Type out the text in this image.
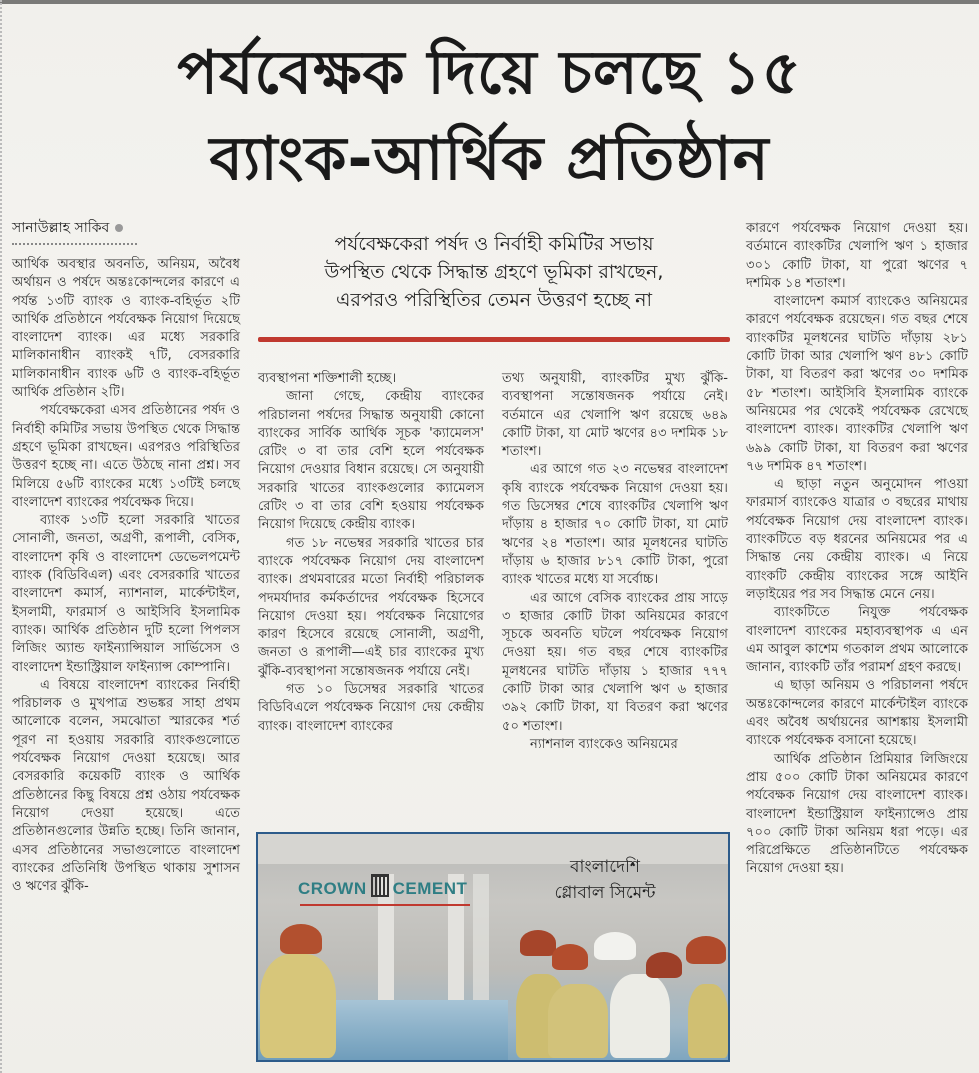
পর্যবেক্ষক দিয়ে চলছে ১৫
ব্যাংক-আর্থিক প্রতিষ্ঠান
সানাউল্লাহ সাকিব

আর্থিক অবস্থার অবনতি, অনিয়ম, অবৈধ অর্থায়ন ও পর্ষদে অন্তঃকোন্দলের কারণে এ পর্যন্ত ১৩টি ব্যাংক ও ব্যাংক-বহির্ভূত ২টি আর্থিক প্রতিষ্ঠানে পর্যবেক্ষক নিয়োগ দিয়েছে বাংলাদেশ ব্যাংক। এর মধ্যে সরকারি মালিকানাধীন ব্যাংকই ৭টি, বেসরকারি মালিকানাধীন ব্যাংক ৬টি ও ব্যাংক-বহির্ভূত আর্থিক প্রতিষ্ঠান ২টি।

পর্যবেক্ষকেরা এসব প্রতিষ্ঠানের পর্ষদ ও নির্বাহী কমিটির সভায় উপস্থিত থেকে সিদ্ধান্ত গ্রহণে ভূমিকা রাখছেন। এরপরও পরিস্থিতির উত্তরণ হচ্ছে না। এতে উঠছে নানা প্রশ্ন। সব মিলিয়ে ৫৬টি ব্যাংকের মধ্যে ১৩টিই চলছে বাংলাদেশ ব্যাংকের পর্যবেক্ষক দিয়ে।

ব্যাংক ১৩টি হলো সরকারি খাতের সোনালী, জনতা, অগ্রণী, রূপালী, বেসিক, বাংলাদেশ কৃষি ও বাংলাদেশ ডেভেলপমেন্ট ব্যাংক (বিডিবিএল) এবং বেসরকারি খাতের বাংলাদেশ কমার্স, ন্যাশনাল, মার্কেন্টাইল, ইসলামী, ফারমার্স ও আইসিবি ইসলামিক ব্যাংক। আর্থিক প্রতিষ্ঠান দুটি হলো পিপলস লিজিং অ্যান্ড ফাইন্যান্সিয়াল সার্ভিসেস ও বাংলাদেশ ইন্ডাস্ট্রিয়াল ফাইন্যান্স কোম্পানি।

এ বিষয়ে বাংলাদেশ ব্যাংকের নির্বাহী পরিচালক ও মুখপাত্র শুভঙ্কর সাহা প্রথম আলোকে বলেন, সমঝোতা স্মারকের শর্ত পূরণ না হওয়ায় সরকারি ব্যাংকগুলোতে পর্যবেক্ষক নিয়োগ দেওয়া হয়েছে। আর বেসরকারি কয়েকটি ব্যাংক ও আর্থিক প্রতিষ্ঠানের কিছু বিষয়ে প্রশ্ন ওঠায় পর্যবেক্ষক নিয়োগ দেওয়া হয়েছে। এতে প্রতিষ্ঠানগুলোর উন্নতি হচ্ছে। তিনি জানান, এসব প্রতিষ্ঠানের সভাগুলোতে বাংলাদেশ ব্যাংকের প্রতিনিধি উপস্থিত থাকায় সুশাসন ও ঋণের ঝুঁকি-

পর্যবেক্ষকেরা পর্ষদ ও নির্বাহী কমিটির সভায়
উপস্থিত থেকে সিদ্ধান্ত গ্রহণে ভূমিকা রাখছেন,
এরপরও পরিস্থিতির তেমন উত্তরণ হচ্ছে না

ব্যবস্থাপনা শক্তিশালী হচ্ছে।

জানা গেছে, কেন্দ্রীয় ব্যাংকের পরিচালনা পর্ষদের সিদ্ধান্ত অনুযায়ী কোনো ব্যাংকের সার্বিক আর্থিক সূচক 'ক্যামেলস' রেটিং ৩ বা তার বেশি হলে পর্যবেক্ষক নিয়োগ দেওয়ার বিধান রয়েছে। সে অনুযায়ী সরকারি খাতের ব্যাংকগুলোর ক্যামেলস রেটিং ৩ বা তার বেশি হওয়ায় পর্যবেক্ষক নিয়োগ দিয়েছে কেন্দ্রীয় ব্যাংক।

গত ১৮ নভেম্বর সরকারি খাতের চার ব্যাংকে পর্যবেক্ষক নিয়োগ দেয় বাংলাদেশ ব্যাংক। প্রথমবারের মতো নির্বাহী পরিচালক পদমর্যাদার কর্মকর্তাদের পর্যবেক্ষক হিসেবে নিয়োগ দেওয়া হয়। পর্যবেক্ষক নিয়োগের কারণ হিসেবে রয়েছে সোনালী, অগ্রণী, জনতা ও রূপালী—এই চার ব্যাংকের মুখ্য ঝুঁকি-ব্যবস্থাপনা সন্তোষজনক পর্যায়ে নেই।

গত ১০ ডিসেম্বর সরকারি খাতের বিডিবিএলে পর্যবেক্ষক নিয়োগ দেয় কেন্দ্রীয় ব্যাংক। বাংলাদেশ ব্যাংকের

তথ্য অনুযায়ী, ব্যাংকটির মুখ্য ঝুঁকি-ব্যবস্থাপনা সন্তোষজনক পর্যায়ে নেই। বর্তমানে এর খেলাপি ঋণ রয়েছে ৬৪৯ কোটি টাকা, যা মোট ঋণের ৪৩ দশমিক ১৮ শতাংশ।

এর আগে গত ২৩ নভেম্বর বাংলাদেশ কৃষি ব্যাংকে পর্যবেক্ষক নিয়োগ দেওয়া হয়। গত ডিসেম্বর শেষে ব্যাংকটির খেলাপি ঋণ দাঁড়ায় ৪ হাজার ৭০ কোটি টাকা, যা মোট ঋণের ২৪ শতাংশ। আর মূলধনের ঘাটতি দাঁড়ায় ৬ হাজার ৮১৭ কোটি টাকা, পুরো ব্যাংক খাতের মধ্যে যা সর্বোচ্চ।

এর আগে বেসিক ব্যাংকের প্রায় সাড়ে ৩ হাজার কোটি টাকা অনিয়মের কারণে সূচকে অবনতি ঘটলে পর্যবেক্ষক নিয়োগ দেওয়া হয়। গত বছর শেষে ব্যাংকটির মূলধনের ঘাটতি দাঁড়ায় ১ হাজার ৭৭৭ কোটি টাকা আর খেলাপি ঋণ ৬ হাজার ৩৯২ কোটি টাকা, যা বিতরণ করা ঋণের ৫০ শতাংশ।

ন্যাশনাল ব্যাংকেও অনিয়মের

কারণে পর্যবেক্ষক নিয়োগ দেওয়া হয়। বর্তমানে ব্যাংকটির খেলাপি ঋণ ১ হাজার ৩০১ কোটি টাকা, যা পুরো ঋণের ৭ দশমিক ১৪ শতাংশ।

বাংলাদেশ কমার্স ব্যাংকেও অনিয়মের কারণে পর্যবেক্ষক রয়েছেন। গত বছর শেষে ব্যাংকটির মূলধনের ঘাটতি দাঁড়ায় ২৮১ কোটি টাকা আর খেলাপি ঋণ ৪৮১ কোটি টাকা, যা বিতরণ করা ঋণের ৩০ দশমিক ৫৮ শতাংশ। আইসিবি ইসলামিক ব্যাংকে অনিয়মের পর থেকেই পর্যবেক্ষক রেখেছে বাংলাদেশ ব্যাংক। ব্যাংকটির খেলাপি ঋণ ৬৯৯ কোটি টাকা, যা বিতরণ করা ঋণের ৭৬ দশমিক ৪৭ শতাংশ।

এ ছাড়া নতুন অনুমোদন পাওয়া ফারমার্স ব্যাংকেও যাত্রার ৩ বছরের মাথায় পর্যবেক্ষক নিয়োগ দেয় বাংলাদেশ ব্যাংক। ব্যাংকটিতে বড় ধরনের অনিয়মের পর এ সিদ্ধান্ত নেয় কেন্দ্রীয় ব্যাংক। এ নিয়ে ব্যাংকটি কেন্দ্রীয় ব্যাংকের সঙ্গে আইনি লড়াইয়ের পর সব সিদ্ধান্ত মেনে নেয়।

ব্যাংকটিতে নিযুক্ত পর্যবেক্ষক বাংলাদেশ ব্যাংকের মহাব্যবস্থাপক এ এন এম আবুল কাশেম গতকাল প্রথম আলোকে জানান, ব্যাংকটি তাঁর পরামর্শ গ্রহণ করছে।

এ ছাড়া অনিয়ম ও পরিচালনা পর্ষদে অন্তঃকোন্দলের কারণে মার্কেন্টাইল ব্যাংকে এবং অবৈধ অর্থায়নের আশঙ্কায় ইসলামী ব্যাংকে পর্যবেক্ষক বসানো হয়েছে।

আর্থিক প্রতিষ্ঠান প্রিমিয়ার লিজিংয়ে প্রায় ৫০০ কোটি টাকা অনিয়মের কারণে পর্যবেক্ষক নিয়োগ দেয় বাংলাদেশ ব্যাংক। বাংলাদেশ ইন্ডাস্ট্রিয়াল ফাইন্যান্সেও প্রায় ৭০০ কোটি টাকা অনিয়ম ধরা পড়ে। এর পরিপ্রেক্ষিতে প্রতিষ্ঠানটিতে পর্যবেক্ষক নিয়োগ দেওয়া হয়।

CROWN CEMENT
বাংলাদেশি
গ্লোবাল সিমেন্ট
